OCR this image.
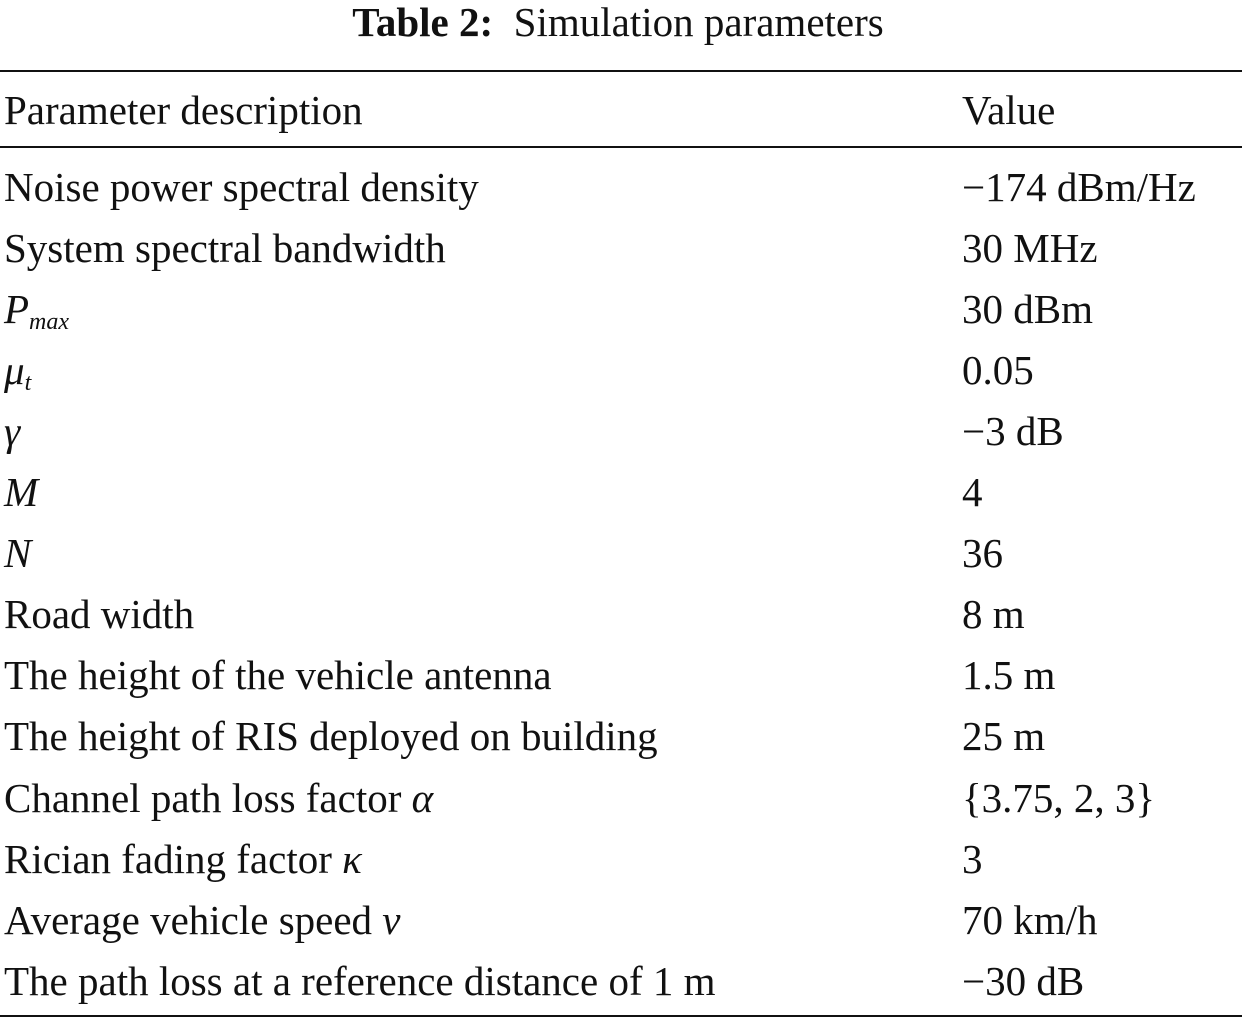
Table 2: Simulation parameters
Parameter description	Value
Noise power spectral density	−174 dBm/Hz
System spectral bandwidth	30 MHz
$P_{max}$	30 dBm
$\mu_t$	0.05
γ	−3 dB
M	4
N	36
Road width	8 m
The height of the vehicle antenna	1.5 m
The height of RIS deployed on building	25 m
Channel path loss factor α	{3.75, 2, 3}
Rician fading factor κ	3
Average vehicle speed v	70 km/h
The path loss at a reference distance of 1 m	−30 dB
